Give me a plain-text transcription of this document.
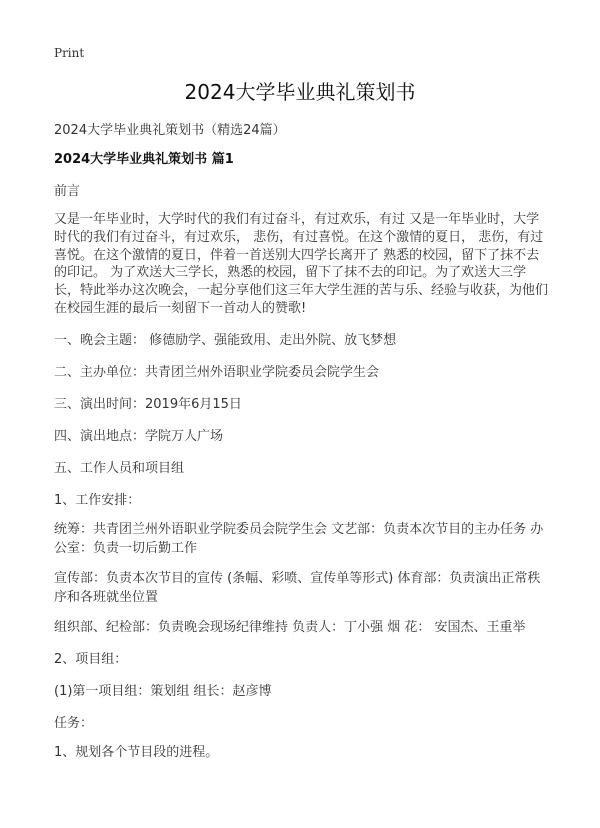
Print
2024大学毕业典礼策划书
2024大学毕业典礼策划书（精选24篇）
2024大学毕业典礼策划书 篇1

前言

又是一年毕业时，大学时代的我们有过奋斗，有过欢乐，有过 又是一年毕业时，大学时代的我们有过奋斗，有过欢乐， 悲伤，有过喜悦。在这个激情的夏日， 悲伤，有过喜悦。在这个激情的夏日，伴着一首送别大四学长离开了 熟悉的校园，留下了抹不去的印记。 为了欢送大三学长，熟悉的校园，留下了抹不去的印记。为了欢送大三学长，特此举办这次晚会，一起分享他们这三年大学生涯的苦与乐、经验与收获，为他们在校园生涯的最后一刻留下一首动人的赞歌!

一、晚会主题： 修德励学、强能致用、走出外院、放飞梦想

二、主办单位：共青团兰州外语职业学院委员会院学生会

三、演出时间：2019年6月15日

四、演出地点：学院万人广场

五、工作人员和项目组

1、工作安排：

统筹：共青团兰州外语职业学院委员会院学生会 文艺部：负责本次节目的主办任务 办公室：负责一切后勤工作

宣传部：负责本次节目的宣传 (条幅、彩喷、宣传单等形式) 体育部：负责演出正常秩序和各班就坐位置

组织部、纪检部：负责晚会现场纪律维持 负责人：丁小强 烟 花： 安国杰、王重举

2、项目组：

(1)第一项目组：策划组 组长：赵彦博

任务：

1、规划各个节目段的进程。
